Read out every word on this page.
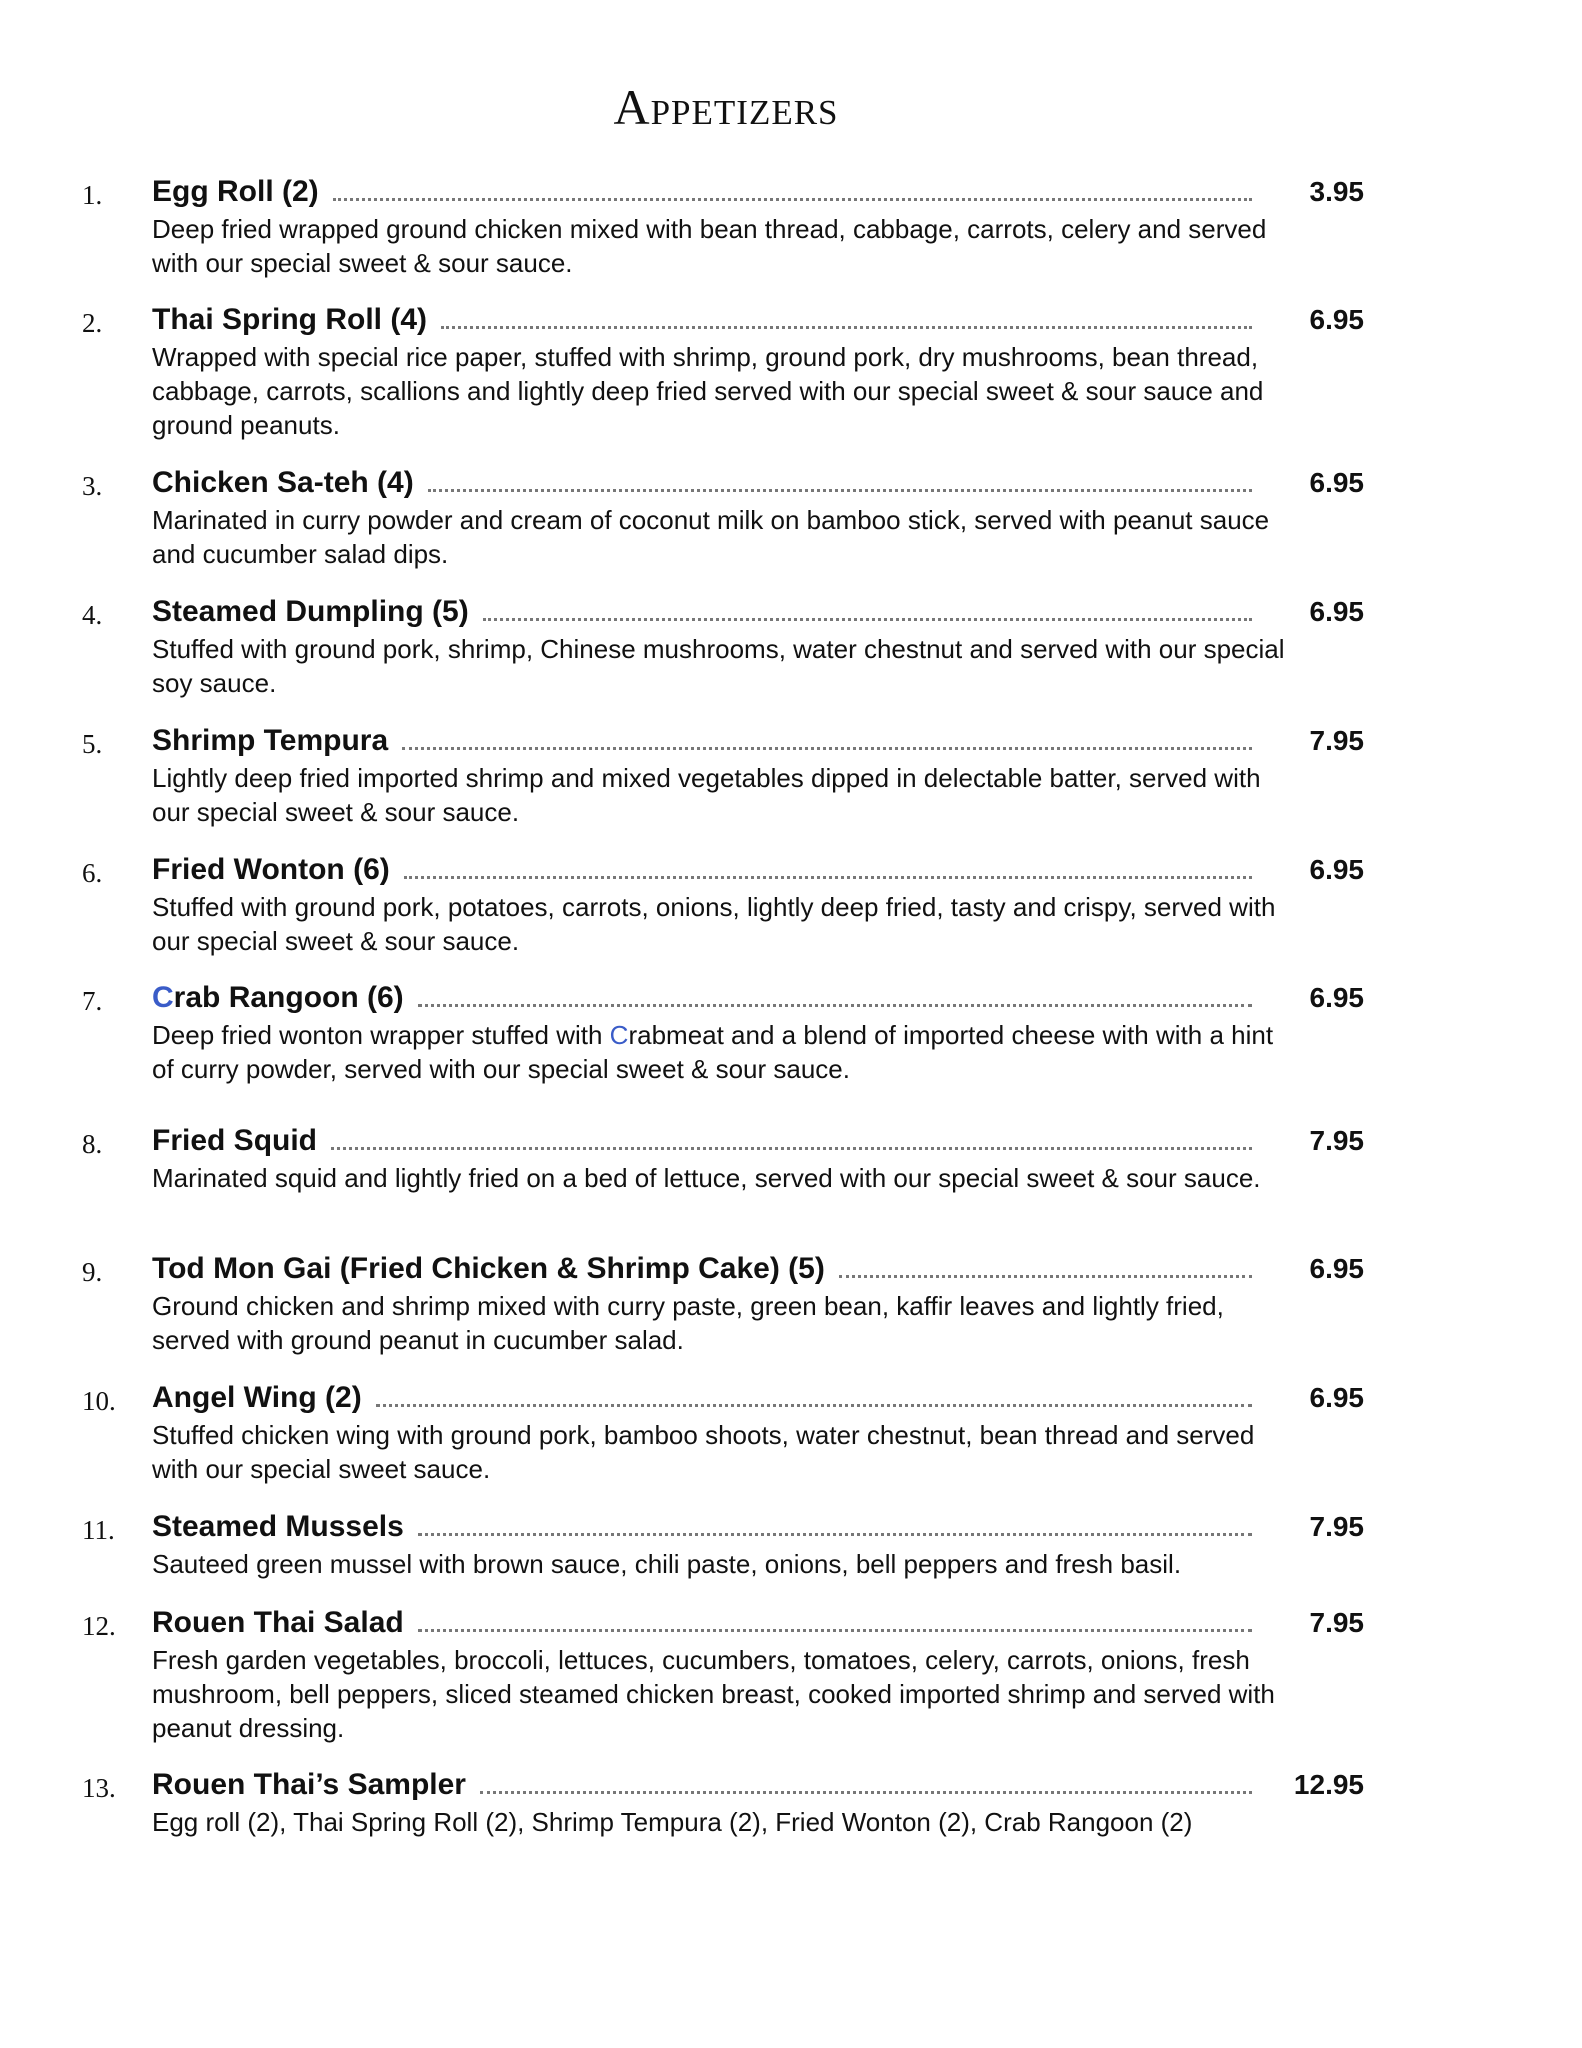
Appetizers
1. Egg Roll (2)	3.95

Deep fried wrapped ground chicken mixed with bean thread, cabbage, carrots, celery and served with our special sweet & sour sauce.

2. Thai Spring Roll (4)	6.95

Wrapped with special rice paper, stuffed with shrimp, ground pork, dry mushrooms, bean thread, cabbage, carrots, scallions and lightly deep fried served with our special sweet & sour sauce and ground peanuts.

3. Chicken Sa-teh (4)	6.95

Marinated in curry powder and cream of coconut milk on bamboo stick, served with peanut sauce and cucumber salad dips.

4. Steamed Dumpling (5)	6.95

Stuffed with ground pork, shrimp, Chinese mushrooms, water chestnut and served with our special soy sauce.

5. Shrimp Tempura	7.95

Lightly deep fried imported shrimp and mixed vegetables dipped in delectable batter, served with our special sweet & sour sauce.

6. Fried Wonton (6)	6.95

Stuffed with ground pork, potatoes, carrots, onions, lightly deep fried, tasty and crispy, served with our special sweet & sour sauce.

7. Crab Rangoon (6)	6.95

Deep fried wonton wrapper stuffed with Crabmeat and a blend of imported cheese with with a hint of curry powder, served with our special sweet & sour sauce.

8. Fried Squid	7.95

Marinated squid and lightly fried on a bed of lettuce, served with our special sweet & sour sauce.

9. Tod Mon Gai (Fried Chicken & Shrimp Cake) (5)	6.95

Ground chicken and shrimp mixed with curry paste, green bean, kaffir leaves and lightly fried, served with ground peanut in cucumber salad.

10. Angel Wing (2)	6.95

Stuffed chicken wing with ground pork, bamboo shoots, water chestnut, bean thread and served with our special sweet sauce.

11. Steamed Mussels	7.95

Sauteed green mussel with brown sauce, chili paste, onions, bell peppers and fresh basil.

12. Rouen Thai Salad	7.95

Fresh garden vegetables, broccoli, lettuces, cucumbers, tomatoes, celery, carrots, onions, fresh mushroom, bell peppers, sliced steamed chicken breast, cooked imported shrimp and served with peanut dressing.

13. Rouen Thai’s Sampler	12.95

Egg roll (2), Thai Spring Roll (2), Shrimp Tempura (2), Fried Wonton (2), Crab Rangoon (2)
